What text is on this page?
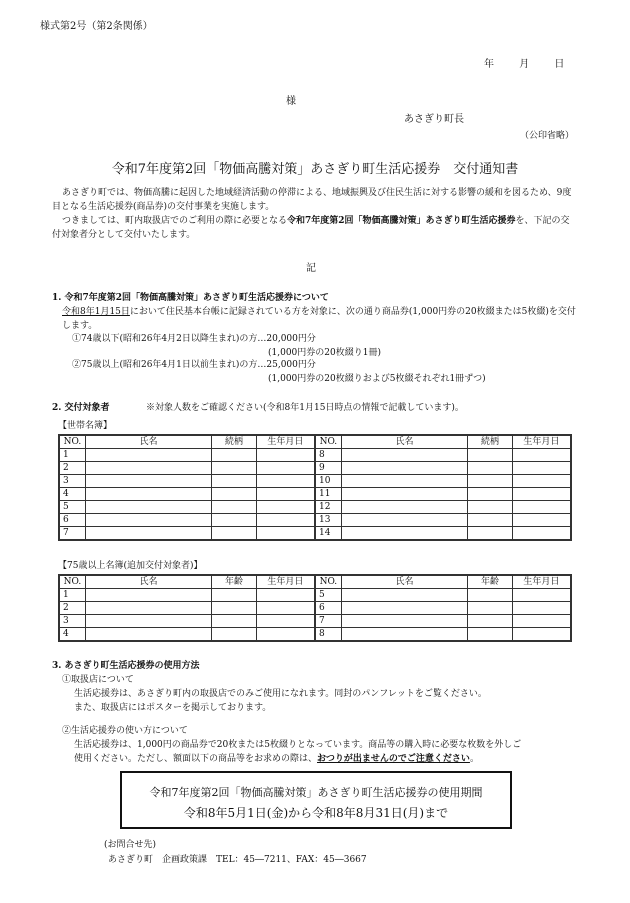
様式第2号（第2条関係）
年	月	日
様
あさぎり町長
（公印省略）
令和7年度第2回「物価高騰対策」あさぎり町生活応援券　交付通知書
あさぎり町では、物価高騰に起因した地域経済活動の停滞による、地域振興及び住民生活に対する影響の緩和を図るため、9度目となる生活応援券(商品券)の交付事業を実施します。
つきましては、町内取扱店でのご利用の際に必要となる令和7年度第2回「物価高騰対策」あさぎり町生活応援券を、下記の交付対象者分として交付いたします。
記
1. 令和7年度第2回「物価高騰対策」あさぎり町生活応援券について
令和8年1月15日において住民基本台帳に記録されている方を対象に、次の通り商品券(1,000円券の20枚綴または5枚綴)を交付します。
①74歳以下(昭和26年4月2日以降生まれ)の方…20,000円分
(1,000円券の20枚綴り1冊)
②75歳以上(昭和26年4月1日以前生まれ)の方…25,000円分
(1,000円券の20枚綴りおよび5枚綴それぞれ1冊ずつ)
2. 交付対象者	※対象人数をご確認ください(令和8年1月15日時点の情報で記載しています)。
【世帯名簿】
NO.	氏名	続柄	生年月日	NO.	氏名	続柄	生年月日
1				8			
2				9			
3				10			
4				11			
5				12			
6				13			
7				14			
【75歳以上名簿(追加交付対象者)】
NO.	氏名	年齢	生年月日	NO.	氏名	年齢	生年月日
1				5			
2				6			
3				7			
4				8			
3. あさぎり町生活応援券の使用方法
①取扱店について
生活応援券は、あさぎり町内の取扱店でのみご使用になれます。同封のパンフレットをご覧ください。
また、取扱店にはポスターを掲示しております。
②生活応援券の使い方について
生活応援券は、1,000円の商品券で20枚または5枚綴りとなっています。商品等の購入時に必要な枚数を外しご
使用ください。ただし、額面以下の商品等をお求めの際は、おつりが出ませんのでご注意ください。
令和7年度第2回「物価高騰対策」あさぎり町生活応援券の使用期間
令和8年5月1日(金)から令和8年8月31日(月)まで
(お問合せ先)
あさぎり町　企画政策課　TEL：45―7211、FAX：45―3667
